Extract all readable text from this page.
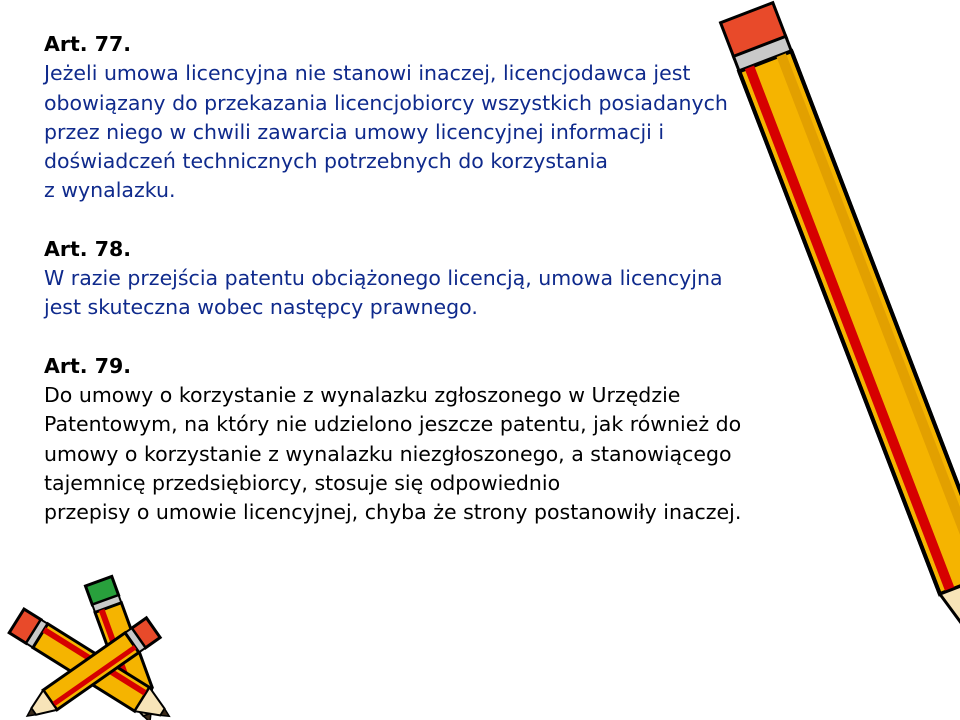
Art. 77.
Jeżeli umowa licencyjna nie stanowi inaczej, licencjodawca jest
obowiązany do przekazania licencjobiorcy wszystkich posiadanych
przez niego w chwili zawarcia umowy licencyjnej informacji i
doświadczeń technicznych potrzebnych do korzystania
z wynalazku.
Art. 78.
W razie przejścia patentu obciążonego licencją, umowa licencyjna
jest skuteczna wobec następcy prawnego.
Art. 79.
Do umowy o korzystanie z wynalazku zgłoszonego w Urzędzie
Patentowym, na który nie udzielono jeszcze patentu, jak również do
umowy o korzystanie z wynalazku niezgłoszonego, a stanowiącego
tajemnicę przedsiębiorcy, stosuje się odpowiednio
przepisy o umowie licencyjnej, chyba że strony postanowiły inaczej.
